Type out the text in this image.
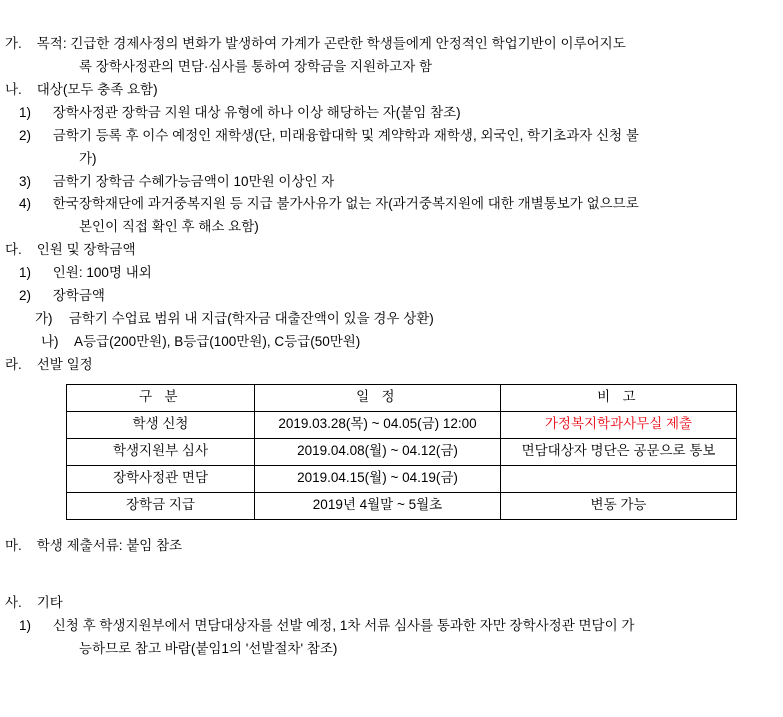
가. 목적: 긴급한 경제사정의 변화가 발생하여 가계가 곤란한 학생들에게 안정적인 학업기반이 이루어지도
록 장학사정관의 면담·심사를 통하여 장학금을 지원하고자 함
나. 대상(모두 충족 요함)
1) 장학사정관 장학금 지원 대상 유형에 하나 이상 해당하는 자(붙임 참조)
2) 금학기 등록 후 이수 예정인 재학생(단, 미래융합대학 및 계약학과 재학생, 외국인, 학기초과자 신청 불
가)
3) 금학기 장학금 수혜가능금액이 10만원 이상인 자
4) 한국장학재단에 과거중복지원 등 지급 불가사유가 없는 자(과거중복지원에 대한 개별통보가 없으므로
본인이 직접 확인 후 해소 요함)
다. 인원 및 장학금액
1) 인원: 100명 내외
2) 장학금액
가) 금학기 수업료 범위 내 지급(학자금 대출잔액이 있을 경우 상환)
나) A등급(200만원), B등급(100만원), C등급(50만원)
라. 선발 일정
구 분	일 정	비 고
학생 신청	2019.03.28(목) ~ 04.05(금) 12:00	가정복지학과사무실 제출
학생지원부 심사	2019.04.08(월) ~ 04.12(금)	면담대상자 명단은 공문으로 통보
장학사정관 면담	2019.04.15(월) ~ 04.19(금)	
장학금 지급	2019년 4월말 ~ 5월초	변동 가능
마. 학생 제출서류: 붙임 참조
사. 기타
1) 신청 후 학생지원부에서 면담대상자를 선발 예정, 1차 서류 심사를 통과한 자만 장학사정관 면담이 가
능하므로 참고 바람(붙임1의 '선발절차' 참조)
